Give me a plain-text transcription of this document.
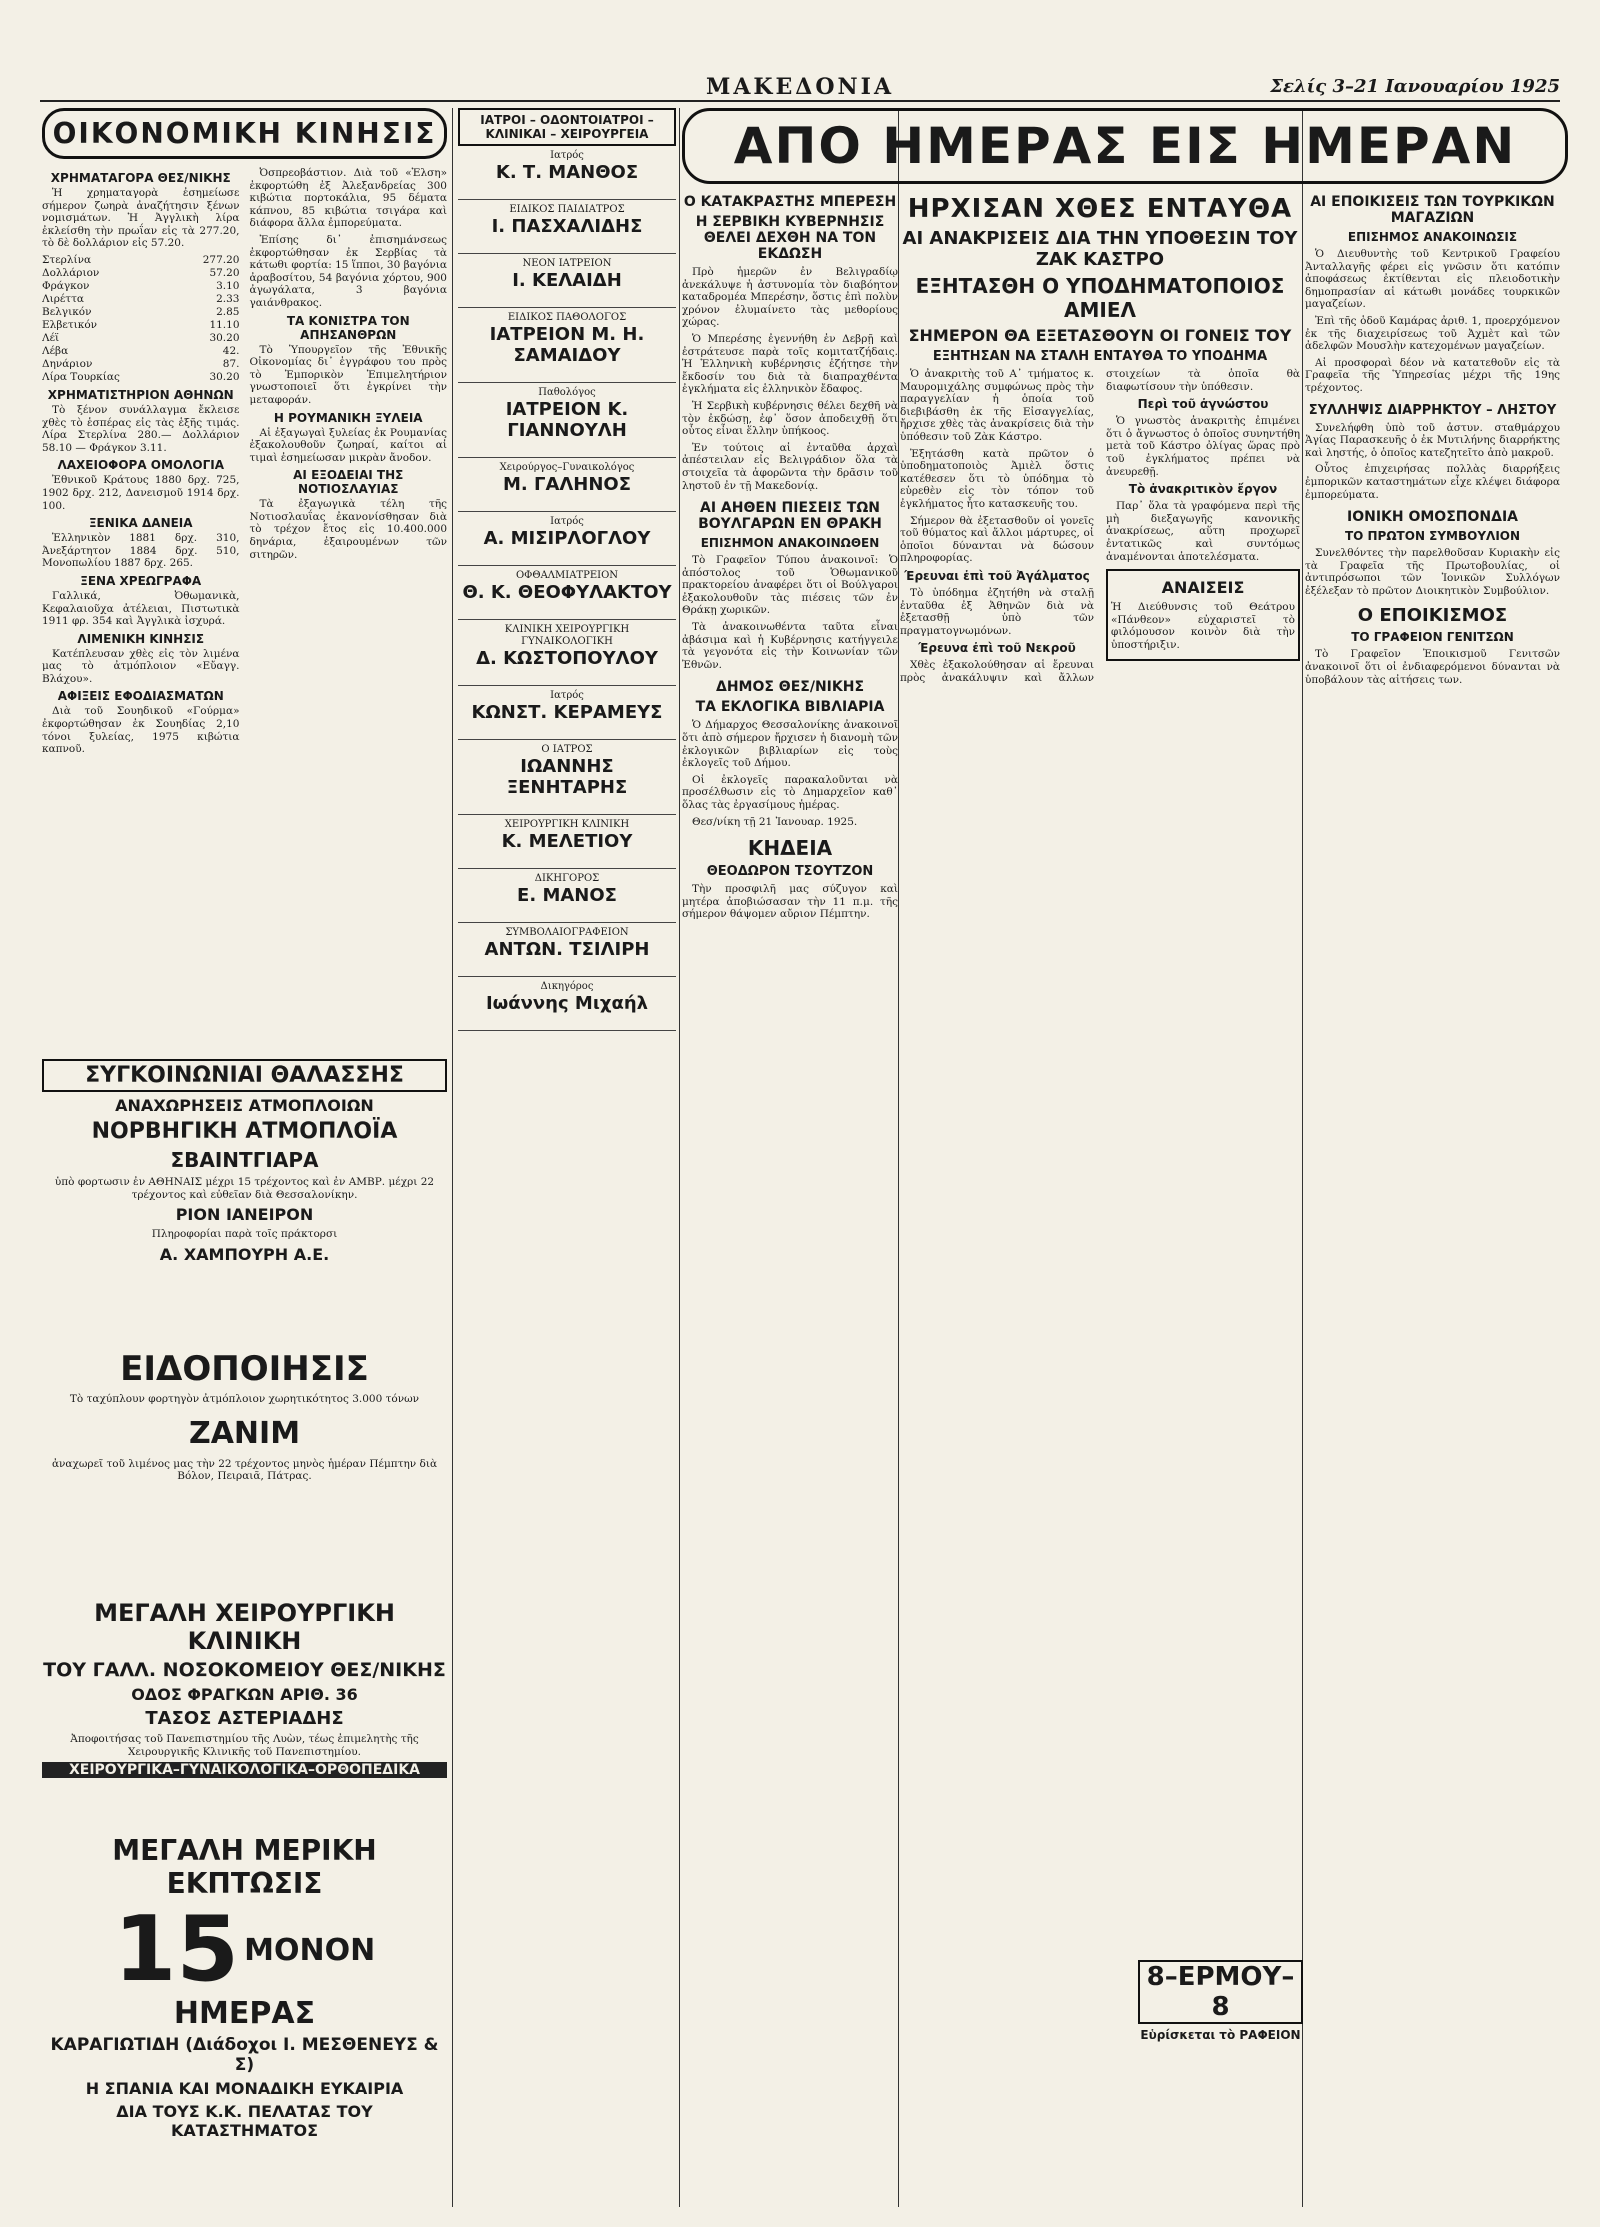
ΜΑΚΕΔΟΝΙΑ	Σελίς 3–21 Ιανουαρίου 1925
ΟΙΚΟΝΟΜΙΚΗ ΚΙΝΗΣΙΣ
ΧΡΗΜΑΤΑΓΟΡΑ ΘΕΣ/ΝΙΚΗΣ

Ἡ χρηματαγορὰ ἐσημείωσε σήμερον ζωηρὰ ἀναζήτησιν ξένων νομισμάτων. Ἡ Ἀγγλικὴ λίρα ἐκλείσθη τὴν πρωΐαν εἰς τὰ 277.20, τὸ δὲ δολλάριον εἰς 57.20.

Στερλίνα	277.20
Δολλάριον	57.20
Φράγκον	3.10
Λιρέττα	2.33
Βελγικόν	2.85
Ελβετικόν	11.10
Λέϊ	30.20
Λέβα	42.
Δηνάριον	87.
Λίρα Τουρκίας	30.20
ΧΡΗΜΑΤΙΣΤΗΡΙΟΝ ΑΘΗΝΩΝ

Τὸ ξένον συνάλλαγμα ἔκλεισε χθὲς τὸ ἑσπέρας εἰς τὰς ἑξῆς τιμάς. Λίρα Στερλίνα 280.— Δολλάριον 58.10 — Φράγκον 3.11.

ΛΑΧΕΙΟΦΟΡΑ ΟΜΟΛΟΓΙΑ

Ἐθνικοῦ Κράτους 1880 δρχ. 725, 1902 δρχ. 212, Δανεισμοῦ 1914 δρχ. 100.

ΞΕΝΙΚΑ ΔΑΝΕΙΑ

Ἑλληνικὸν 1881 δρχ. 310, Ἀνεξάρτητον 1884 δρχ. 510, Μονοπωλίου 1887 δρχ. 265.

ΞΕΝΑ ΧΡΕΩΓΡΑΦΑ

Γαλλικά, Ὀθωμανικὰ, Κεφαλαιοῦχα ἀτέλειαι, Πιστωτικὰ 1911 φρ. 354 καὶ Ἀγγλικὰ ἰσχυρά.

ΛΙΜΕΝΙΚΗ ΚΙΝΗΣΙΣ

Κατέπλευσαν χθὲς εἰς τὸν λιμένα μας τὸ ἀτμόπλοιον «Εὔαγγ. Βλάχου».

ΑΦΙΞΕΙΣ ΕΦΟΔΙΑΣΜΑΤΩΝ

Διὰ τοῦ Σουηδικοῦ «Γούρμα» ἐκφορτώθησαν ἐκ Σουηδίας 2,10 τόνοι ξυλείας, 1975 κιβώτια καπνοῦ.

Ὀσπρεοβάστιον. Διὰ τοῦ «Ἑλση» ἐκφορτώθη ἐξ Ἀλεξανδρείας 300 κιβώτια πορτοκάλια, 95 δέματα κάπνου, 85 κιβώτια τσιγάρα καὶ διάφορα ἄλλα ἐμπορεύματα.

Ἐπίσης δι᾽ ἐπισημάνσεως ἐκφορτώθησαν ἐκ Σερβίας τὰ κάτωθι φορτία: 15 ἵπποι, 30 βαγόνια ἀραβοσίτου, 54 βαγόνια χόρτου, 900 ἀγωγάλατα, 3 βαγόνια γαιάνθρακος.

ΤΑ ΚΟΝΙΣΤΡΑ ΤΟΝ ΑΠΗΣΑΝΘΡΩΝ

Τὸ Ὑπουργεῖον τῆς Ἐθνικῆς Οἰκονομίας δι᾽ ἐγγράφου του πρὸς τὸ Ἐμπορικὸν Ἐπιμελητήριον γνωστοποιεῖ ὅτι ἐγκρίνει τὴν μεταφοράν.

Η ΡΟΥΜΑΝΙΚΗ ΞΥΛΕΙΑ

Αἱ ἐξαγωγαὶ ξυλείας ἐκ Ρουμανίας ἐξακολουθοῦν ζωηραί, καίτοι αἱ τιμαὶ ἐσημείωσαν μικρὰν ἄνοδον.

ΑΙ ΕΞΟΔΕΙΑΙ ΤΗΣ ΝΟΤΙΟΣΛΑΥΙΑΣ

Τὰ ἐξαγωγικὰ τέλη τῆς Νοτιοσλαυΐας ἐκανονίσθησαν διὰ τὸ τρέχον ἔτος εἰς 10.400.000 δηνάρια, ἐξαιρουμένων τῶν σιτηρῶν.

ΣΥΓΚΟΙΝΩΝΙΑΙ ΘΑΛΑΣΣΗΣ
ΑΝΑΧΩΡΗΣΕΙΣ ΑΤΜΟΠΛΟΙΩΝ
ΝΟΡΒΗΓΙΚΗ ΑΤΜΟΠΛΟΪΑ
ΣΒΑΙΝΤΓΙΑΡΑ

ὑπὸ φορτωσιν ἐν ΑΘΗΝΑΙΣ μέχρι 15 τρέχοντος καὶ ἐν ΑΜΒΡ. μέχρι 22 τρέχοντος καὶ εὐθεῖαν διὰ Θεσσαλονίκην.

ΡΙΟΝ ΙΑΝΕΙΡΟΝ

Πληροφορίαι παρὰ τοῖς πράκτορσι

Α. ΧΑΜΠΟΥΡΗ Α.Ε.
ΕΙΔΟΠΟΙΗΣΙΣ

Τὸ ταχύπλουν φορτηγὸν ἀτμόπλοιον χωρητικότητος 3.000 τόνων

ΖΑΝΙΜ

ἀναχωρεῖ τοῦ λιμένος μας τὴν 22 τρέχοντος μηνὸς ἡμέραν Πέμπτην διὰ Βόλον, Πειραιᾶ, Πάτρας.

ΜΕΓΑΛΗ ΧΕΙΡΟΥΡΓΙΚΗ ΚΛΙΝΙΚΗ
ΤΟΥ ΓΑΛΛ. ΝΟΣΟΚΟΜΕΙΟΥ ΘΕΣ/ΝΙΚΗΣ
ΟΔΟΣ ΦΡΑΓΚΩΝ ΑΡΙΘ. 36
ΤΑΣΟΣ ΑΣΤΕΡΙΑΔΗΣ

Ἀποφοιτήσας τοῦ Πανεπιστημίου τῆς Λυὼν, τέως ἐπιμελητὴς τῆς Χειρουργικῆς Κλινικῆς τοῦ Πανεπιστημίου.

ΧΕΙΡΟΥΡΓΙΚΑ–ΓΥΝΑΙΚΟΛΟΓΙΚΑ–ΟΡΘΟΠΕΔΙΚΑ
ΜΕΓΑΛΗ ΜΕΡΙΚΗ ΕΚΠΤΩΣΙΣ
15 ΜΟΝΟΝ ΗΜΕΡΑΣ
ΚΑΡΑΓΙΩΤΙΔΗ (Διάδοχοι Ι. ΜΕΣΘΕΝΕΥΣ & Σ)
Η ΣΠΑΝΙΑ ΚΑΙ ΜΟΝΑΔΙΚΗ ΕΥΚΑΙΡΙΑ
ΔΙΑ ΤΟΥΣ Κ.Κ. ΠΕΛΑΤΑΣ ΤΟΥ ΚΑΤΑΣΤΗΜΑΤΟΣ
ΙΑΤΡΟΙ – ΟΔΟΝΤΟΙΑΤΡΟΙ – ΚΛΙΝΙΚΑΙ – ΧΕΙΡΟΥΡΓΕΙΑ
Ιατρός
Κ. Τ. ΜΑΝΘΟΣ

ΕΙΔΙΚΟΣ ΠΑΙΔΙΑΤΡΟΣ
Ι. ΠΑΣΧΑΛΙΔΗΣ

ΝΕΟΝ ΙΑΤΡΕΙΟΝ
Ι. ΚΕΛΑΙΔΗ

ΕΙΔΙΚΟΣ ΠΑΘΟΛΟΓΟΣ
ΙΑΤΡΕΙΟΝ Μ. Η. ΣΑΜΑΙΔΟΥ

Παθολόγος
ΙΑΤΡΕΙΟΝ Κ. ΓΙΑΝΝΟΥΛΗ

Χειρούργος–Γυναικολόγος
Μ. ΓΑΛΗΝΟΣ

Ιατρός
Α. ΜΙΣΙΡΛΟΓΛΟΥ

ΟΦΘΑΛΜΙΑΤΡΕΙΟΝ
Θ. Κ. ΘΕΟΦΥΛΑΚΤΟΥ

ΚΛΙΝΙΚΗ ΧΕΙΡΟΥΡΓΙΚΗ ΓΥΝΑΙΚΟΛΟΓΙΚΗ
Δ. ΚΩΣΤΟΠΟΥΛΟΥ

Ιατρός
ΚΩΝΣΤ. ΚΕΡΑΜΕΥΣ

Ο ΙΑΤΡΟΣ
ΙΩΑΝΝΗΣ ΞΕΝΗΤΑΡΗΣ

ΧΕΙΡΟΥΡΓΙΚΗ ΚΛΙΝΙΚΗ
Κ. ΜΕΛΕΤΙΟΥ

ΔΙΚΗΓΟΡΟΣ
Ε. ΜΑΝΟΣ

ΣΥΜΒΟΛΑΙΟΓΡΑΦΕΙΟΝ
ΑΝΤΩΝ. ΤΣΙΛΙΡΗ

Δικηγόρος
Ιωάννης Μιχαήλ

ΑΠΟ ΗΜΕΡΑΣ ΕΙΣ ΗΜΕΡΑΝ
Ο ΚΑΤΑΚΡΑΣΤΗΣ ΜΠΕΡΕΣΗ
Η ΣΕΡΒΙΚΗ ΚΥΒΕΡΝΗΣΙΣ ΘΕΛΕΙ ΔΕΧΘΗ ΝΑ ΤΟΝ ΕΚΔΩΣΗ

Πρὸ ἡμερῶν ἐν Βελιγραδίῳ ἀνεκάλυψε ἡ ἀστυνομία τὸν διαβόητον καταδρομέα Μπερέσην, ὅστις ἐπὶ πολὺν χρόνον ἐλυμαίνετο τὰς μεθορίους χώρας.

Ὁ Μπερέσης ἐγεννήθη ἐν Δεβρῇ καὶ ἐστράτευσε παρὰ τοῖς κομιτατζήδαις. Ἡ Ἑλληνικὴ κυβέρνησις ἐζήτησε τὴν ἔκδοσίν του διὰ τὰ διαπραχθέντα ἐγκλήματα εἰς ἑλληνικὸν ἔδαφος.

Ἡ Σερβικὴ κυβέρνησις θέλει δεχθῆ νὰ τὸν ἐκδώσῃ, ἐφ᾽ ὅσον ἀποδειχθῇ ὅτι οὗτος εἶναι ἕλλην ὑπήκοος.

Ἐν τούτοις αἱ ἐνταῦθα ἀρχαὶ ἀπέστειλαν εἰς Βελιγράδιον ὅλα τὰ στοιχεῖα τὰ ἀφορῶντα τὴν δρᾶσιν τοῦ ληστοῦ ἐν τῇ Μακεδονίᾳ.

ΑΙ ΑΗΘΕΝ ΠΙΕΣΕΙΣ ΤΩΝ ΒΟΥΛΓΑΡΩΝ ΕΝ ΘΡΑΚΗ
ΕΠΙΣΗΜΟΝ ΑΝΑΚΟΙΝΩΘΕΝ

Τὸ Γραφεῖον Τύπου ἀνακοινοῖ: Ὁ ἀπόστολος τοῦ Ὁθωμανικοῦ πρακτορείου ἀναφέρει ὅτι οἱ Βούλγαροι ἐξακολουθοῦν τὰς πιέσεις τῶν ἐν Θράκῃ χωρικῶν.

Τὰ ἀνακοινωθέντα ταῦτα εἶναι ἀβάσιμα καὶ ἡ Κυβέρνησις κατήγγειλε τὰ γεγονότα εἰς τὴν Κοινωνίαν τῶν Ἐθνῶν.

ΔΗΜΟΣ ΘΕΣ/ΝΙΚΗΣ
ΤΑ ΕΚΛΟΓΙΚΑ ΒΙΒΛΙΑΡΙΑ

Ὁ Δήμαρχος Θεσσαλονίκης ἀνακοινοῖ ὅτι ἀπὸ σήμερον ἤρχισεν ἡ διανομὴ τῶν ἐκλογικῶν βιβλιαρίων εἰς τοὺς ἐκλογεῖς τοῦ Δήμου.

Οἱ ἐκλογεῖς παρακαλοῦνται νὰ προσέλθωσιν εἰς τὸ Δημαρχεῖον καθ᾽ ὅλας τὰς ἐργασίμους ἡμέρας.

Θεσ/νίκη τῇ 21 Ἰανουαρ. 1925.

ΚΗΔΕΙΑ
ΘΕΟΔΩΡΟΝ ΤΣΟΥΤΖΟΝ

Τὴν προσφιλῆ μας σύζυγον καὶ μητέρα ἀποβιώσασαν τὴν 11 π.μ. τῆς σήμερον θάψομεν αὔριον Πέμπτην.

ΗΡΧΙΣΑΝ ΧΘΕΣ ΕΝΤΑΥΘΑ
ΑΙ ΑΝΑΚΡΙΣΕΙΣ ΔΙΑ ΤΗΝ ΥΠΟΘΕΣΙΝ ΤΟΥ ΖΑΚ ΚΑΣΤΡΟ
ΕΞΗΤΑΣΘΗ Ο ΥΠΟΔΗΜΑΤΟΠΟΙΟΣ ΑΜΙΕΛ
ΣΗΜΕΡΟΝ ΘΑ ΕΞΕΤΑΣΘΟΥΝ ΟΙ ΓΟΝΕΙΣ ΤΟΥ
ΕΞΗΤΗΣΑΝ ΝΑ ΣΤΑΛΗ ΕΝΤΑΥΘΑ ΤΟ ΥΠΟΔΗΜΑ

Ὁ ἀνακριτὴς τοῦ Α᾽ τμήματος κ. Μαυρομιχάλης συμφώνως πρὸς τὴν παραγγελίαν ἡ ὁποία τοῦ διεβιβάσθη ἐκ τῆς Εἰσαγγελίας, ἤρχισε χθὲς τὰς ἀνακρίσεις διὰ τὴν ὑπόθεσιν τοῦ Ζὰκ Κάστρο.

Ἐξητάσθη κατὰ πρῶτον ὁ ὑποδηματοποιὸς Ἀμιὲλ ὅστις κατέθεσεν ὅτι τὸ ὑπόδημα τὸ εὑρεθὲν εἰς τὸν τόπον τοῦ ἐγκλήματος ἦτο κατασκευῆς του.

Σήμερον θὰ ἐξετασθοῦν οἱ γονεῖς τοῦ θύματος καὶ ἄλλοι μάρτυρες, οἱ ὁποῖοι δύνανται νὰ δώσουν πληροφορίας.

Έρευναι ἐπὶ τοῦ Ἀγάλματος

Τὸ ὑπόδημα ἐζητήθη νὰ σταλῇ ἐνταῦθα ἐξ Ἀθηνῶν διὰ νὰ ἐξετασθῇ ὑπὸ τῶν πραγματογνωμόνων.

Έρευνα ἐπὶ τοῦ Νεκροῦ

Χθὲς ἐξακολούθησαν αἱ ἔρευναι πρὸς ἀνακάλυψιν καὶ ἄλλων στοιχείων τὰ ὁποῖα θὰ διαφωτίσουν τὴν ὑπόθεσιν.

Περὶ τοῦ ἀγνώστου

Ὁ γνωστὸς ἀνακριτὴς ἐπιμένει ὅτι ὁ ἄγνωστος ὁ ὁποῖος συνηντήθη μετὰ τοῦ Κάστρο ὀλίγας ὥρας πρὸ τοῦ ἐγκλήματος πρέπει νὰ ἀνευρεθῇ.

Τὸ ἀνακριτικὸν ἔργον

Παρ᾽ ὅλα τὰ γραφόμενα περὶ τῆς μὴ διεξαγωγῆς κανονικῆς ἀνακρίσεως, αὕτη προχωρεῖ ἐντατικῶς καὶ συντόμως ἀναμένονται ἀποτελέσματα.

ΑΝΑΙΣΕΙΣ

Ἡ Διεύθυνσις τοῦ Θεάτρου «Πάνθεον» εὐχαριστεῖ τὸ φιλόμουσον κοινὸν διὰ τὴν ὑποστήριξιν.

8–ΕΡΜΟΥ–8
Εὑρίσκεται τὸ ΡΑΦΕΙΟΝ
ΑΙ ΕΠΟΙΚΙΣΕΙΣ ΤΩΝ ΤΟΥΡΚΙΚΩΝ ΜΑΓΑΖΙΩΝ
ΕΠΙΣΗΜΟΣ ΑΝΑΚΟΙΝΩΣΙΣ

Ὁ Διευθυντὴς τοῦ Κεντρικοῦ Γραφείου Ἀνταλλαγῆς φέρει εἰς γνῶσιν ὅτι κατόπιν ἀποφάσεως ἐκτίθενται εἰς πλειοδοτικὴν δημοπρασίαν αἱ κάτωθι μονάδες τουρκικῶν μαγαζείων.

Ἐπὶ τῆς ὁδοῦ Καμάρας ἀριθ. 1, προερχόμενον ἐκ τῆς διαχειρίσεως τοῦ Ἀχμὲτ καὶ τῶν ἀδελφῶν Μουσλὴν κατεχομένων μαγαζείων.

Αἱ προσφοραὶ δέον νὰ κατατεθοῦν εἰς τὰ Γραφεῖα τῆς Ὑπηρεσίας μέχρι τῆς 19ης τρέχοντος.

ΣΥΛΛΗΨΙΣ ΔΙΑΡΡΗΚΤΟΥ – ΛΗΣΤΟΥ

Συνελήφθη ὑπὸ τοῦ ἀστυν. σταθμάρχου Ἁγίας Παρασκευῆς ὁ ἐκ Μυτιλήνης διαρρήκτης καὶ ληστής, ὁ ὁποῖος κατεζητεῖτο ἀπὸ μακροῦ.

Οὗτος ἐπιχειρήσας πολλὰς διαρρήξεις ἐμπορικῶν καταστημάτων εἶχε κλέψει διάφορα ἐμπορεύματα.

ΙΟΝΙΚΗ ΟΜΟΣΠΟΝΔΙΑ
ΤΟ ΠΡΩΤΟΝ ΣΥΜΒΟΥΛΙΟΝ

Συνελθόντες τὴν παρελθοῦσαν Κυριακὴν εἰς τὰ Γραφεῖα τῆς Πρωτοβουλίας, οἱ ἀντιπρόσωποι τῶν Ἰονικῶν Συλλόγων ἐξέλεξαν τὸ πρῶτον Διοικητικὸν Συμβούλιον.

Ο ΕΠΟΙΚΙΣΜΟΣ
ΤΟ ΓΡΑΦΕΙΟΝ ΓΕΝΙΤΣΩΝ

Τὸ Γραφεῖον Ἐποικισμοῦ Γενιτσῶν ἀνακοινοῖ ὅτι οἱ ἐνδιαφερόμενοι δύνανται νὰ ὑποβάλουν τὰς αἰτήσεις των.
